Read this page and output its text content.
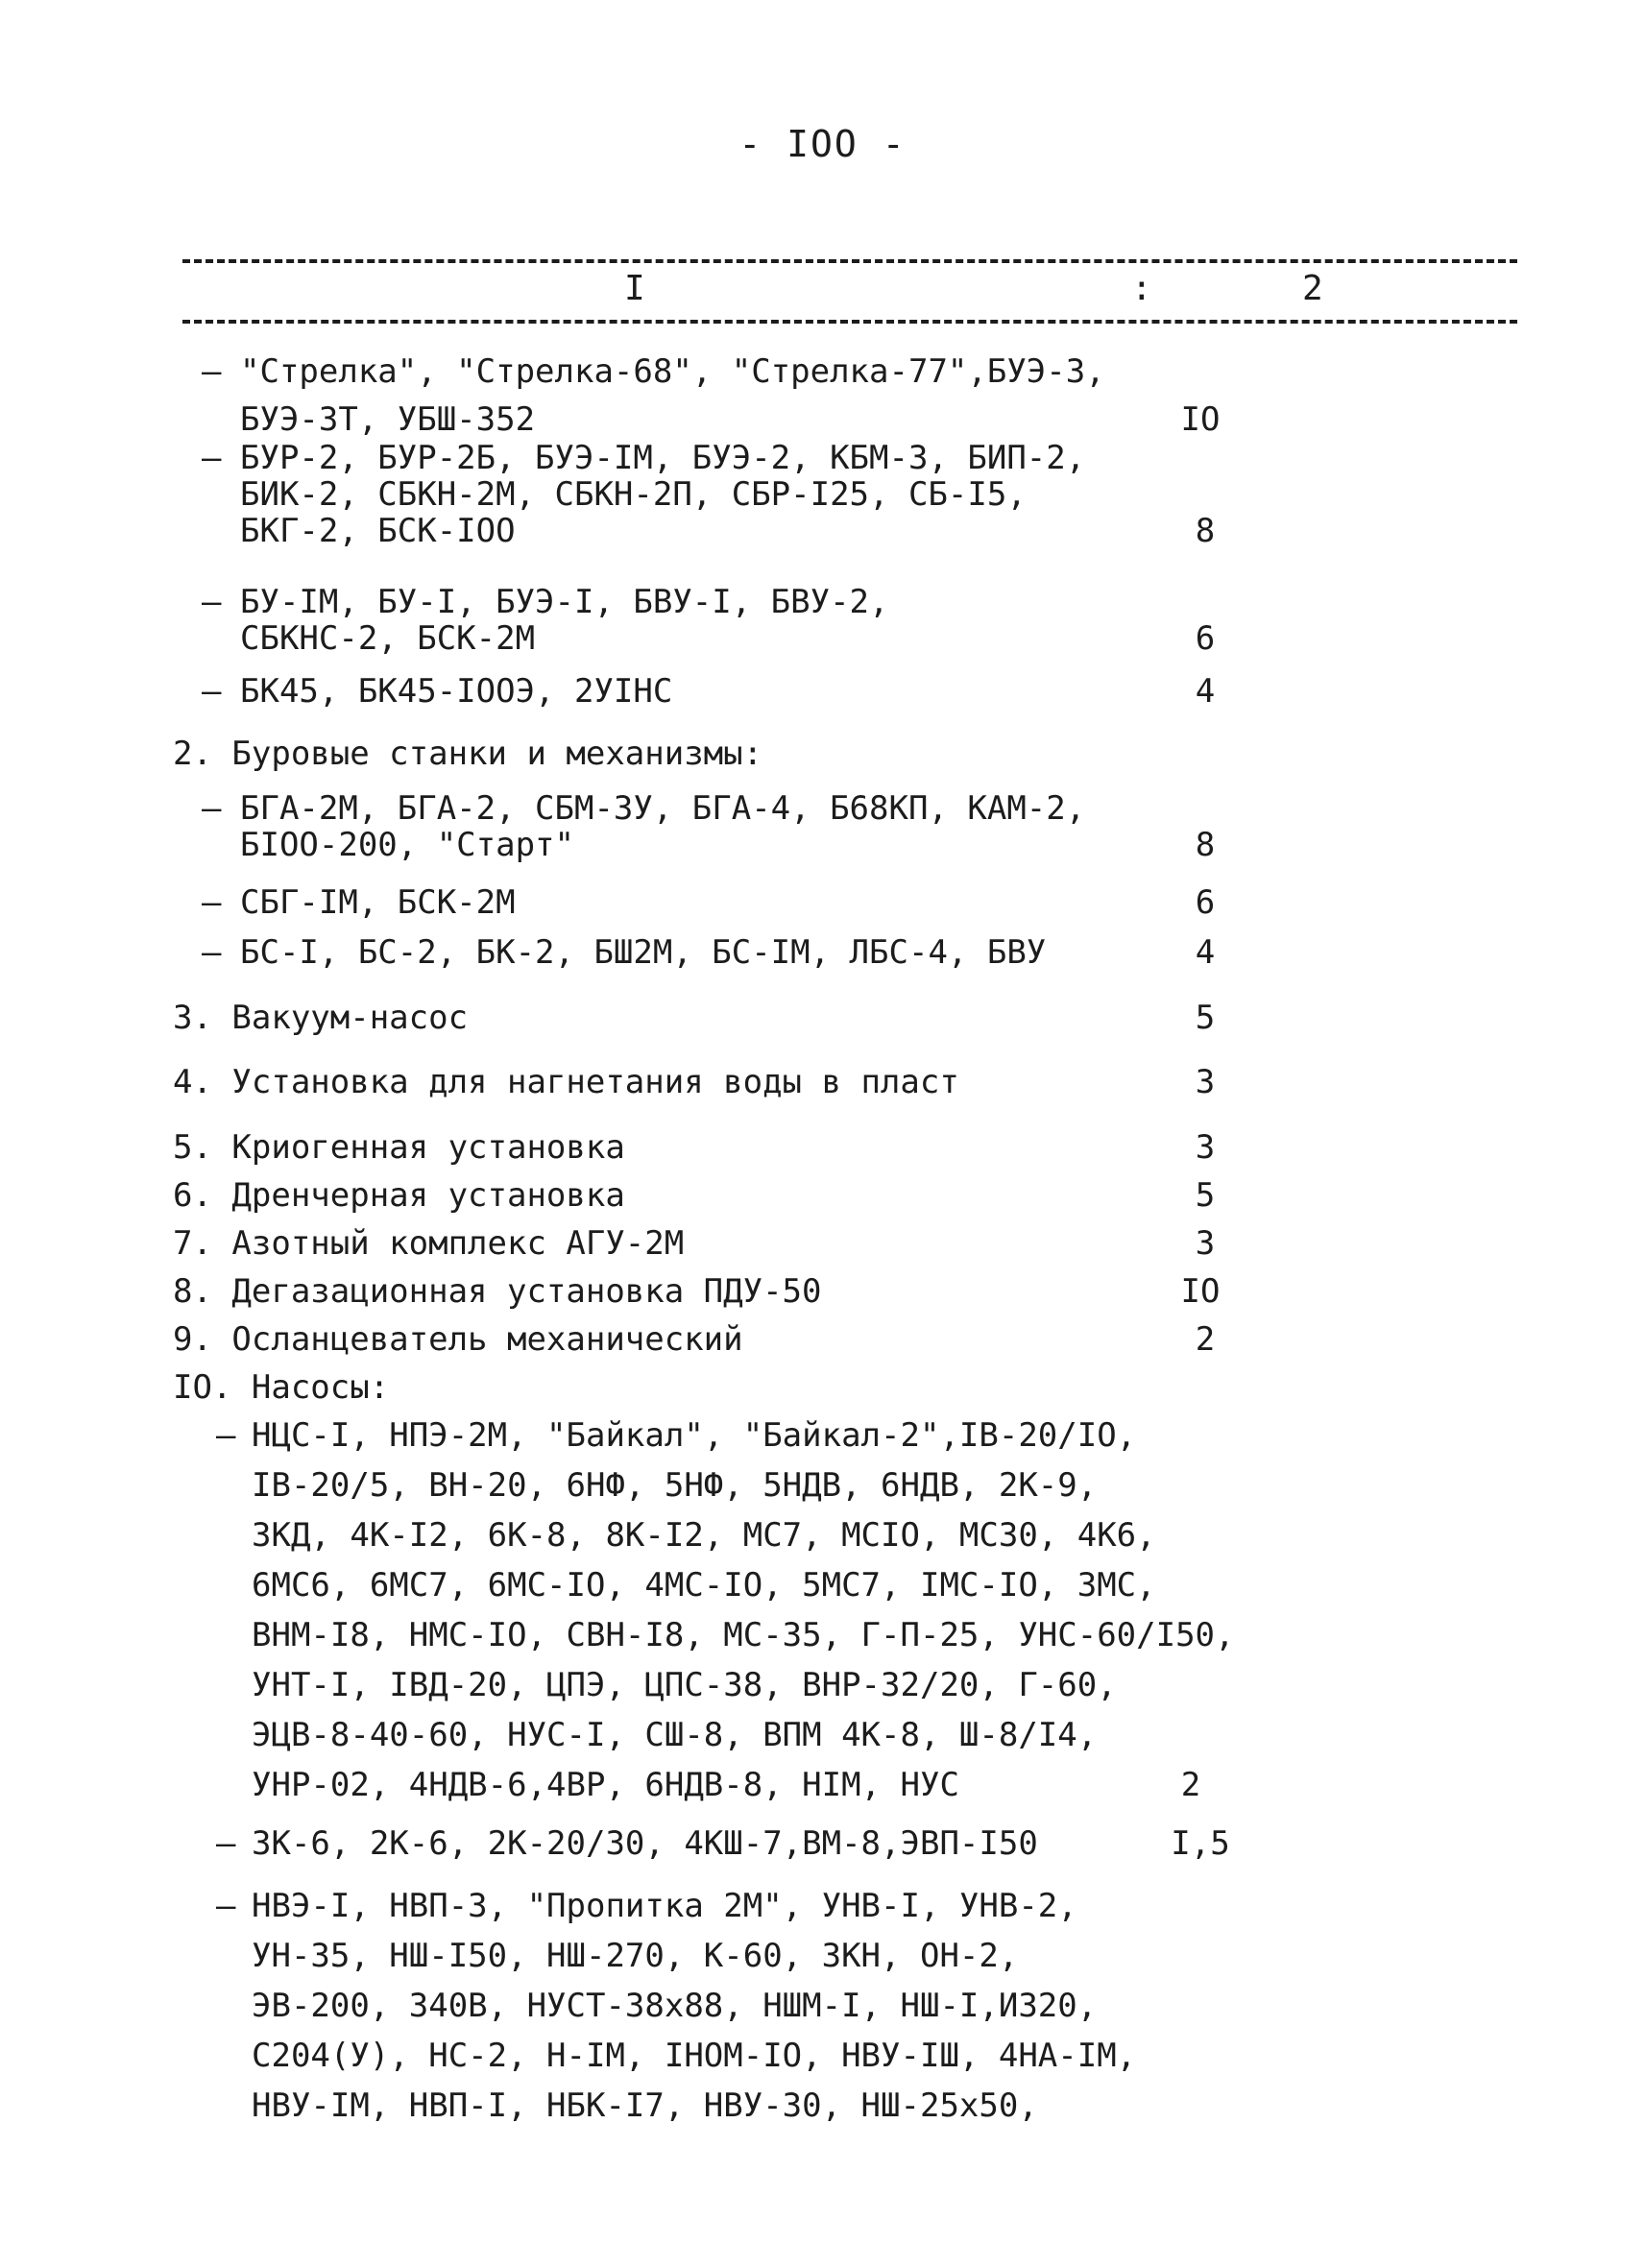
- IOO -
I	:	2
– "Стрелка", "Стрелка-68", "Стрелка-77",БУЭ-3,
БУЭ-3Т, УБШ-352	IO
– БУР-2, БУР-2Б, БУЭ-IM, БУЭ-2, КБМ-3, БИП-2,
БИК-2, СБКН-2М, СБКН-2П, СБР-I25, СБ-I5,
БКГ-2, БСК-IOO	8
– БУ-IM, БУ-I, БУЭ-I, БВУ-I, БВУ-2,
СБКНС-2, БСК-2М	6
– БК45, БК45-IOOЭ, 2УIНС	4
2. Буровые станки и механизмы:
– БГА-2М, БГА-2, СБМ-3У, БГА-4, Б68КП, КАМ-2,
БIOO-200, "Старт"	8
– СБГ-IM, БСК-2М	6
– БС-I, БС-2, БК-2, БШ2М, БС-IM, ЛБС-4, БВУ	4
3. Вакуум-насос	5
4. Установка для нагнетания воды в пласт	3
5. Криогенная установка	3
6. Дренчерная установка	5
7. Азотный комплекс АГУ-2М	3
8. Дегазационная установка ПДУ-50	IO
9. Осланцеватель механический	2
IO. Насосы:
– НЦС-I, НПЭ-2М, "Байкал", "Байкал-2",IВ-20/IO,
IВ-20/5, ВН-20, 6НФ, 5НФ, 5НДВ, 6НДВ, 2К-9,
3КД, 4К-I2, 6К-8, 8К-I2, МС7, МСIO, МС30, 4К6,
6МС6, 6МС7, 6МС-IO, 4МС-IO, 5МС7, IМС-IO, 3МС,
ВНМ-I8, НМС-IO, СВН-I8, МС-35, Г-П-25, УНС-60/I50,
УНТ-I, IВД-20, ЦПЭ, ЦПС-38, ВНР-32/20, Г-60,
ЭЦВ-8-40-60, НУС-I, СШ-8, ВПМ 4К-8, Ш-8/I4,
УНР-02, 4НДВ-6,4ВР, 6НДВ-8, НIM, НУС	2
– 3К-6, 2К-6, 2К-20/30, 4КШ-7,ВМ-8,ЭВП-I50	I,5
– НВЭ-I, НВП-3, "Пропитка 2М", УНВ-I, УНВ-2,
УН-35, НШ-I50, НШ-270, К-60, 3КН, ОН-2,
ЭВ-200, 340В, НУСТ-38х88, НШМ-I, НШ-I,И320,
С204(У), НС-2, Н-IM, IНОМ-IO, НВУ-IШ, 4НА-IM,
НВУ-IM, НВП-I, НБК-I7, НВУ-30, НШ-25х50,
